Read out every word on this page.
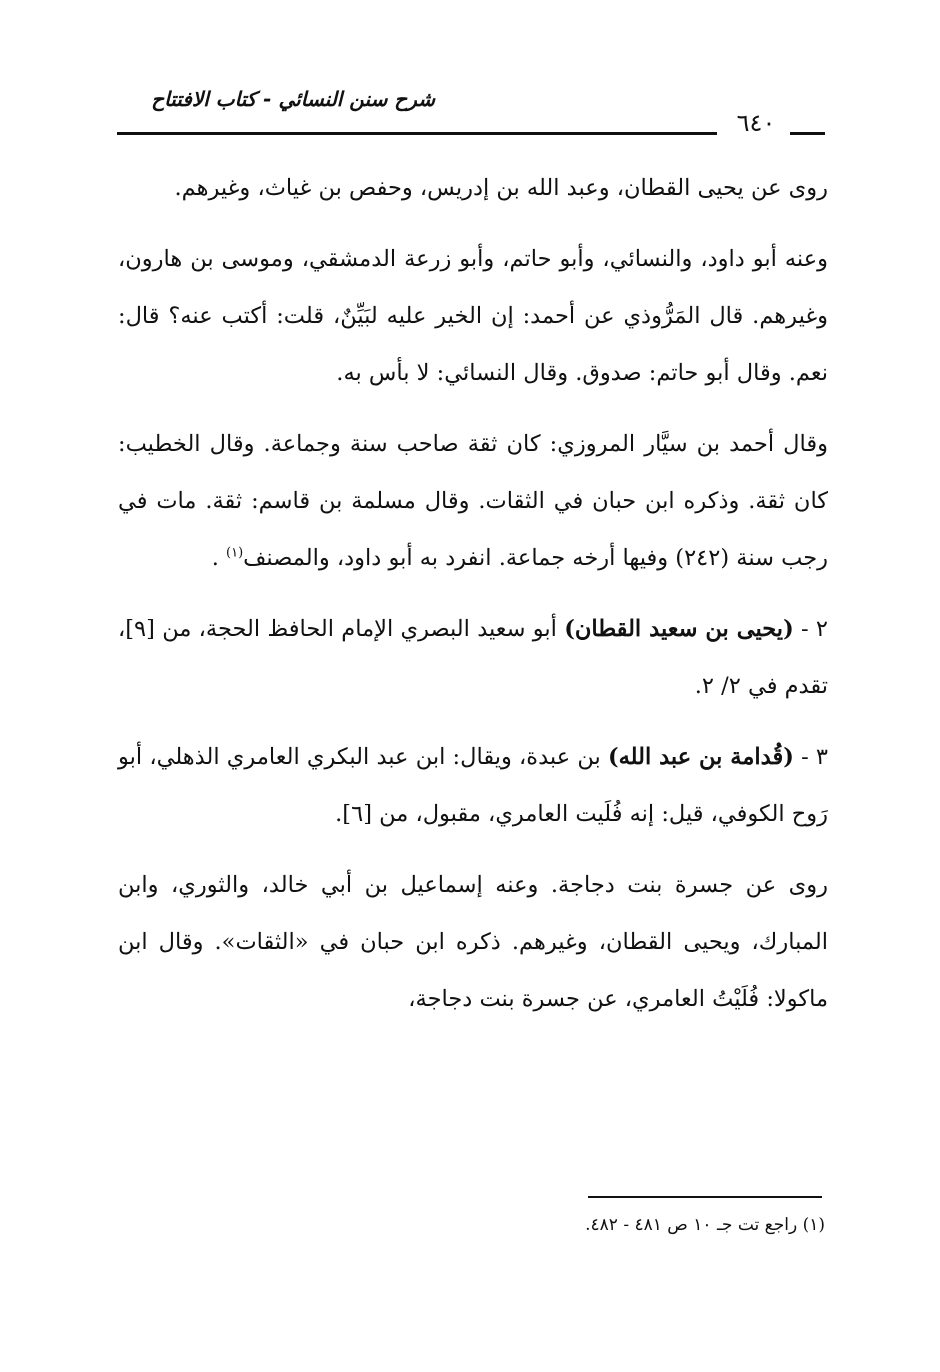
شرح سنن النسائي - كتاب الافتتاح
٦٤٠

روى عن يحيى القطان، وعبد الله بن إدريس، وحفص بن غياث، وغيرهم.

وعنه أبو داود، والنسائي، وأبو حاتم، وأبو زرعة الدمشقي، وموسى بن هارون، وغيرهم. قال المَرُّوذي عن أحمد: إن الخير عليه لبَيِّنٌ، قلت: أكتب عنه؟ قال: نعم. وقال أبو حاتم: صدوق. وقال النسائي: لا بأس به.

وقال أحمد بن سيَّار المروزي: كان ثقة صاحب سنة وجماعة. وقال الخطيب: كان ثقة. وذكره ابن حبان في الثقات. وقال مسلمة بن قاسم: ثقة. مات في رجب سنة (٢٤٢) وفيها أرخه جماعة. انفرد به أبو داود، والمصنف$^{(١)}$ .

٢ - (يحيى بن سعيد القطان) أبو سعيد البصري الإمام الحافظ الحجة، من [٩]، تقدم في ٢/ ٢.

٣ - (قُدامة بن عبد الله) بن عبدة، ويقال: ابن عبد البكري العامري الذهلي، أبو رَوح الكوفي، قيل: إنه فُلَيت العامري، مقبول، من [٦].

روى عن جسرة بنت دجاجة. وعنه إسماعيل بن أبي خالد، والثوري، وابن المبارك، ويحيى القطان، وغيرهم. ذكره ابن حبان في «الثقات». وقال ابن ماكولا: فُلَيْتُ العامري، عن جسرة بنت دجاجة،

(١) راجع تت جـ ١٠ ص ٤٨١ - ٤٨٢.
